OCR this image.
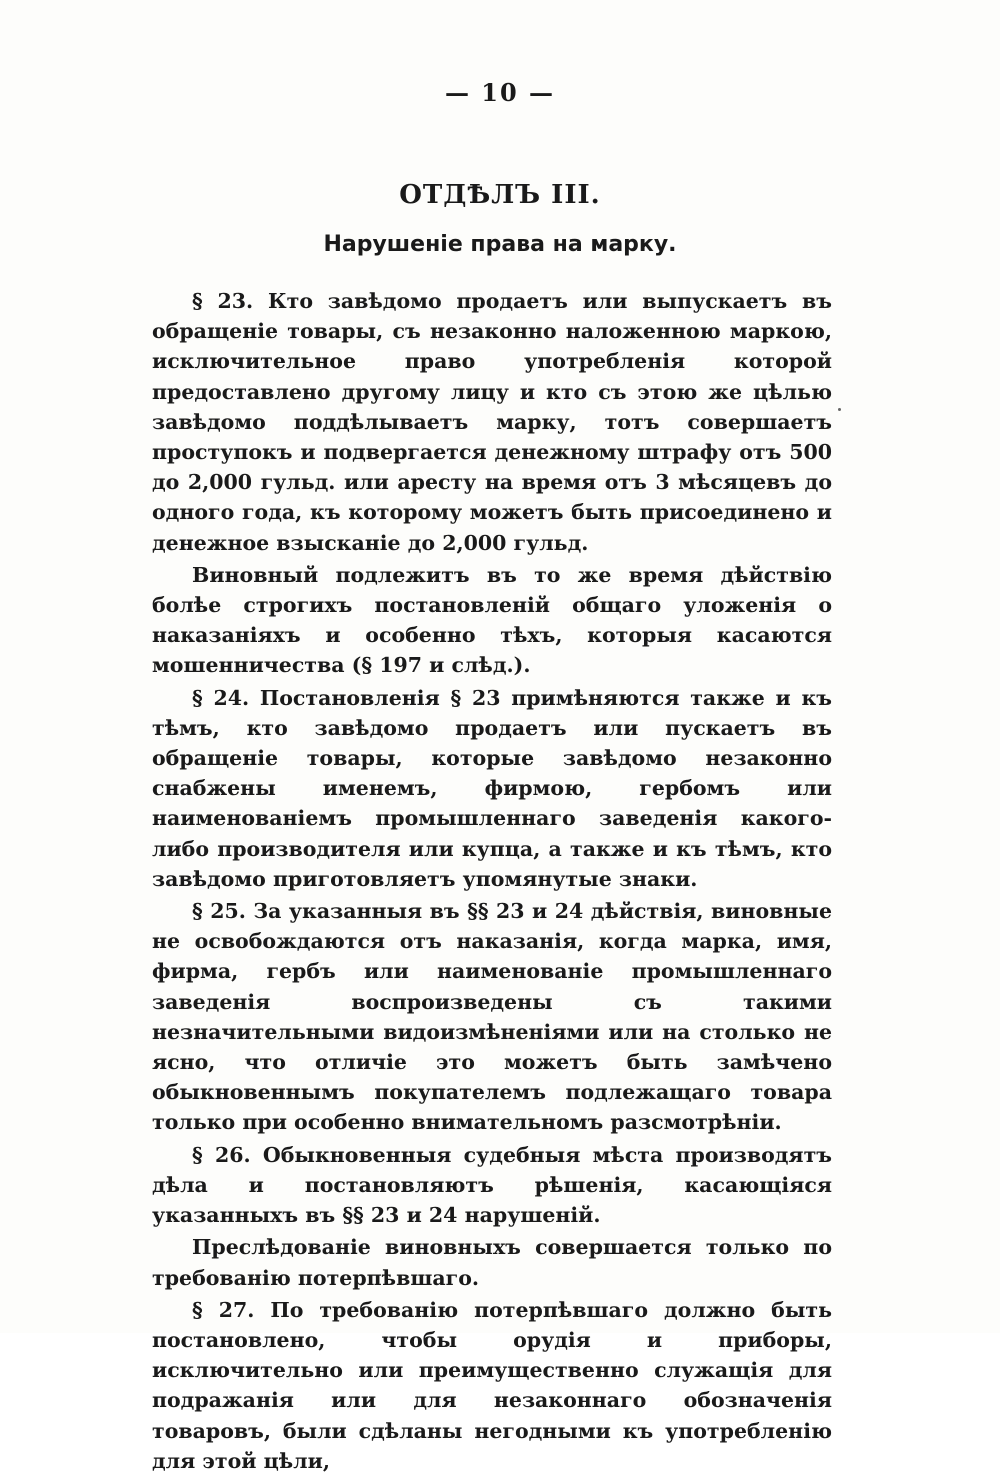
— 10 —
ОТДѢЛЪ III.
Нарушеніе права на марку.

§ 23. Кто завѣдомо продаетъ или выпускаетъ въ обращеніе товары, съ незаконно наложенною маркою, исключительное право употребленія которой предоставлено другому лицу и кто съ этою же цѣлью завѣдомо поддѣлываетъ марку, тотъ совершаетъ проступокъ и подвергается денежному штрафу отъ 500 до 2,000 гульд. или аресту на время отъ 3 мѣсяцевъ до одного года, къ которому можетъ быть присоединено и денежное взысканіе до 2,000 гульд.

Виновный подлежитъ въ то же время дѣйствію болѣе строгихъ постановленій общаго уложенія о наказаніяхъ и особенно тѣхъ, которыя касаются мошенничества (§ 197 и слѣд.).

§ 24. Постановленія § 23 примѣняются также и къ тѣмъ, кто завѣдомо продаетъ или пускаетъ въ обращеніе товары, которые завѣдомо незаконно снабжены именемъ, фирмою, гербомъ или наименованіемъ промышленнаго заведенія какого-либо производителя или купца, а также и къ тѣмъ, кто завѣдомо приготовляетъ упомянутые знаки.

§ 25. За указанныя въ §§ 23 и 24 дѣйствія, виновные не освобождаются отъ наказанія, когда марка, имя, фирма, гербъ или наименованіе промышленнаго заведенія воспроизведены съ такими незначительными видоизмѣненіями или на столько не ясно, что отличіе это можетъ быть замѣчено обыкновеннымъ покупателемъ подлежащаго товара только при особенно внимательномъ разсмотрѣніи.

§ 26. Обыкновенныя судебныя мѣста производятъ дѣла и постановляютъ рѣшенія, касающіяся указанныхъ въ §§ 23 и 24 нарушеній.

Преслѣдованіе виновныхъ совершается только по требованію потерпѣвшаго.

§ 27. По требованію потерпѣвшаго должно быть постановлено, чтобы орудія и приборы, исключительно или преимущественно служащія для подражанія или для незаконнаго обозначенія товаровъ, были сдѣланы негодными къ употребленію для этой цѣли,
